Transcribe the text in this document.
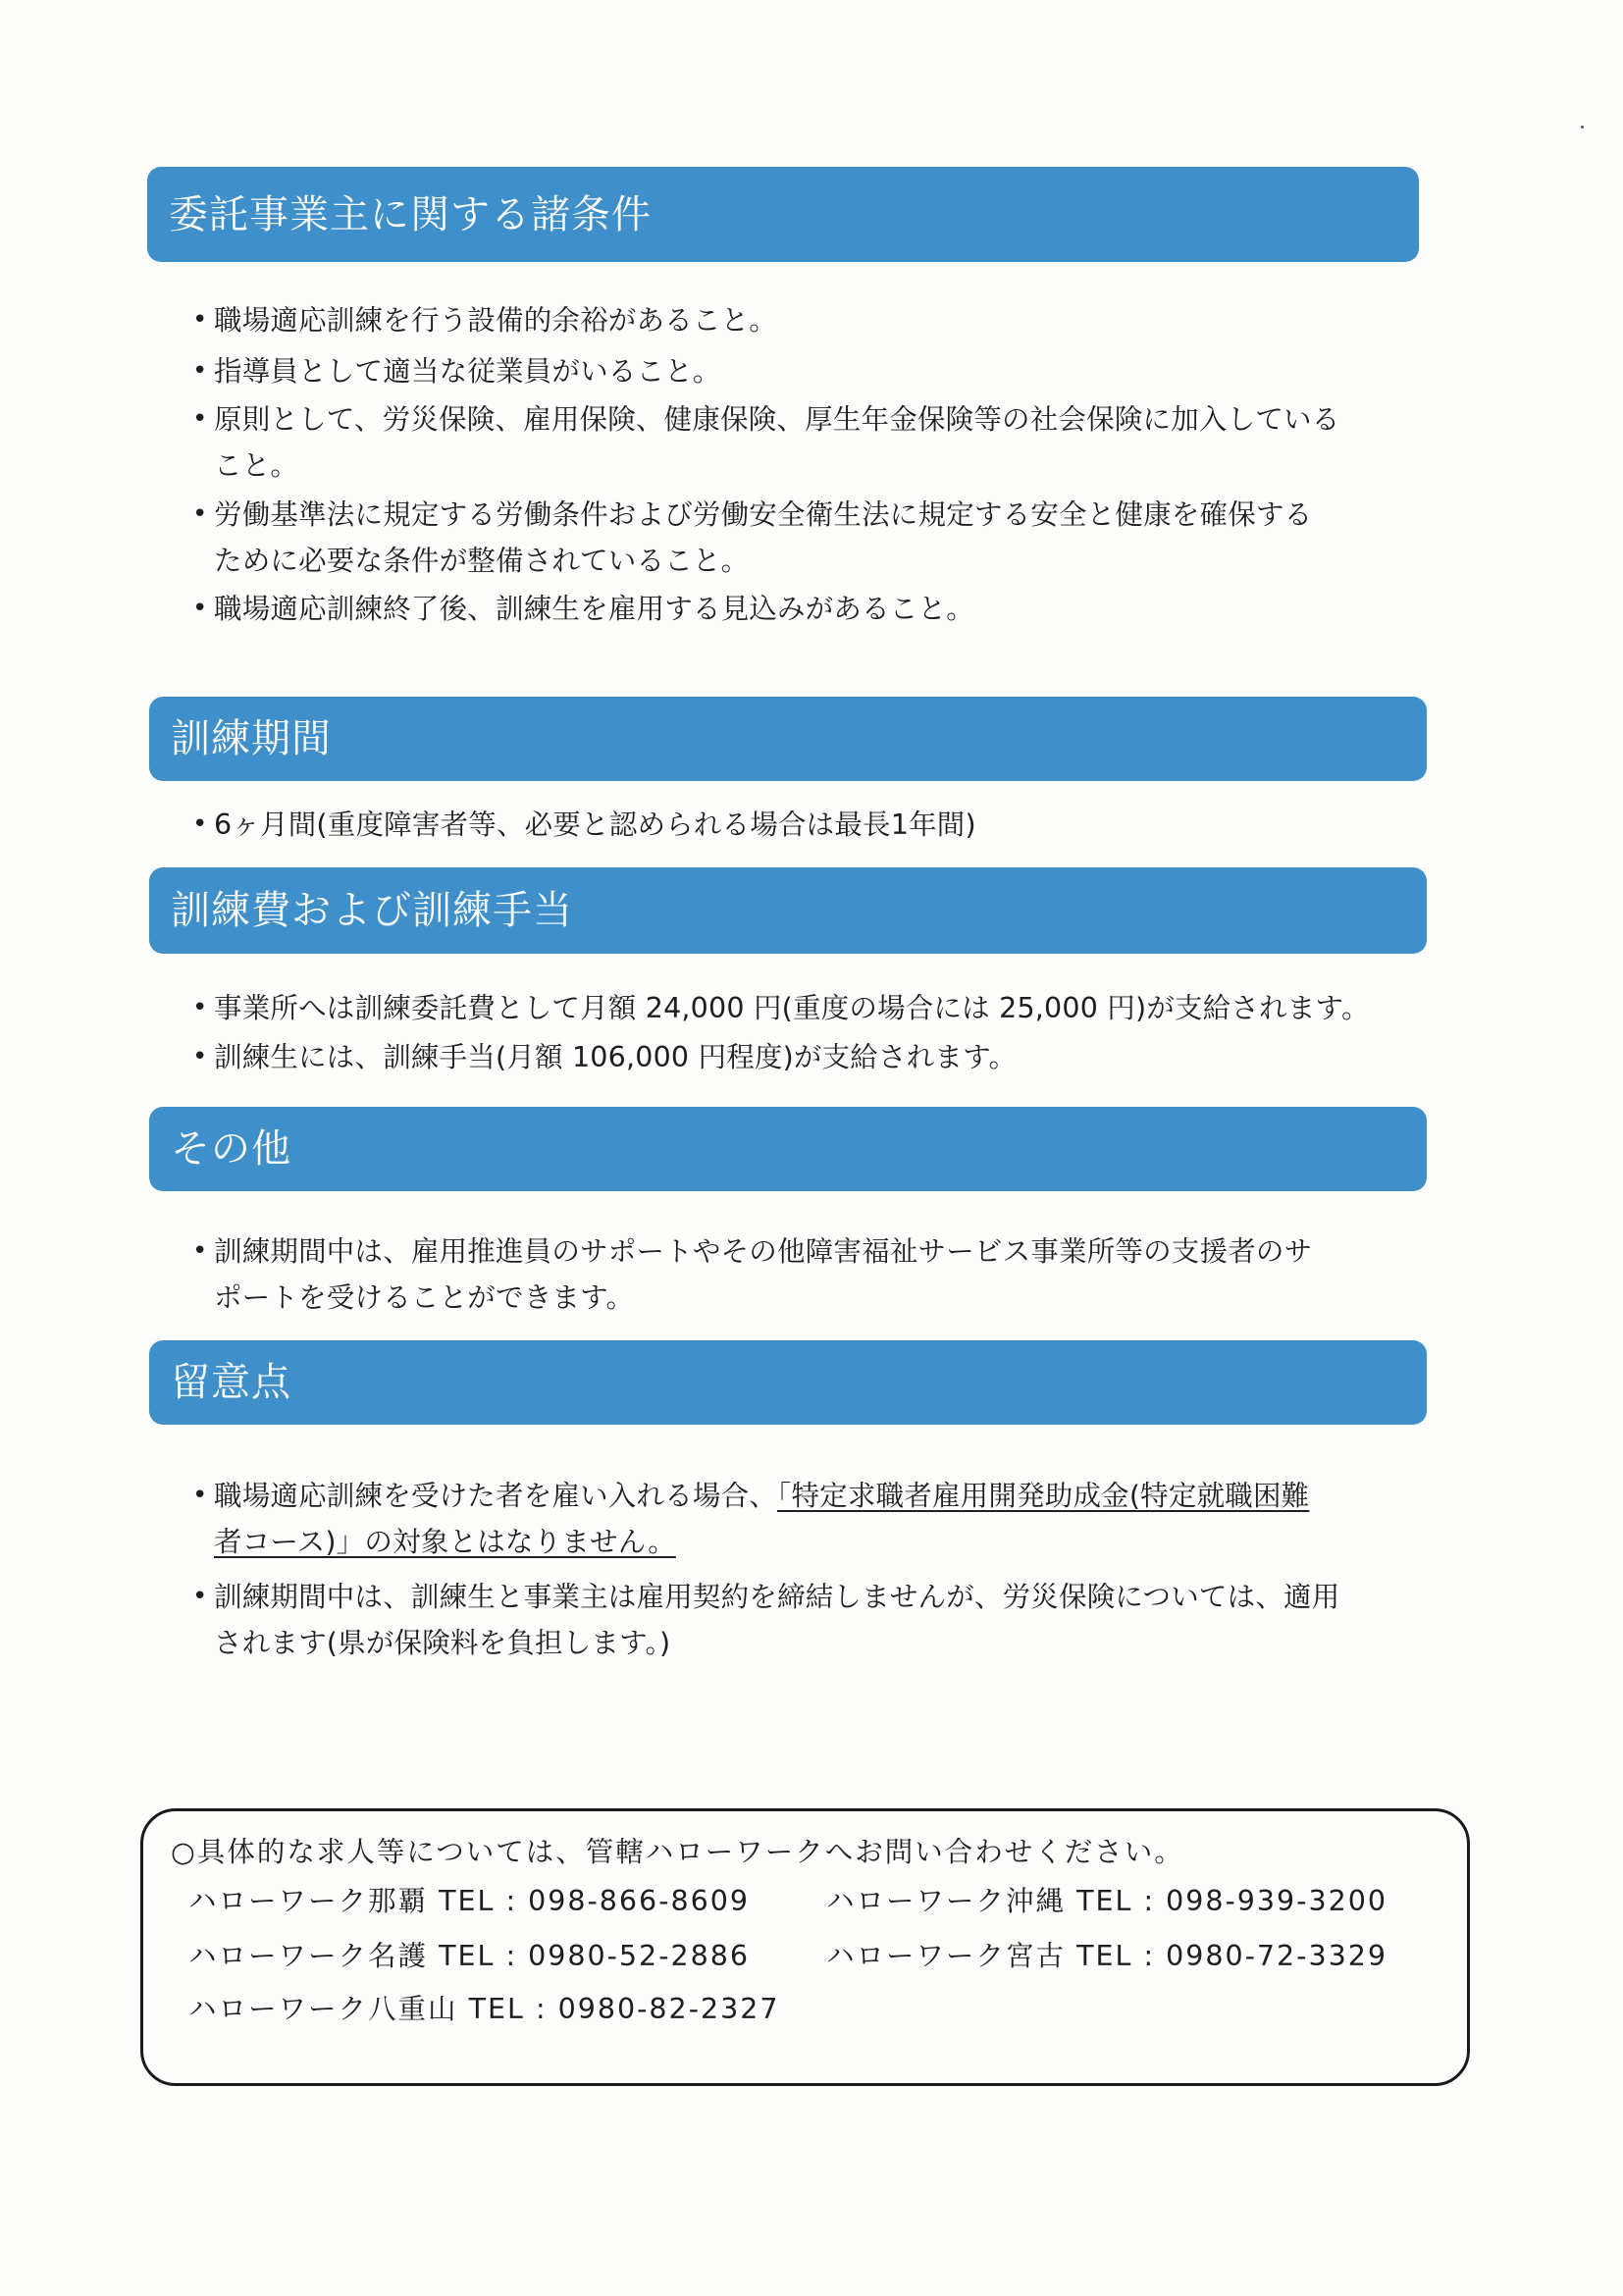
委託事業主に関する諸条件
• 職場適応訓練を行う設備的余裕があること。
• 指導員として適当な従業員がいること。
• 原則として、労災保険、雇用保険、健康保険、厚生年金保険等の社会保険に加入している
こと。
• 労働基準法に規定する労働条件および労働安全衛生法に規定する安全と健康を確保する
ために必要な条件が整備されていること。
• 職場適応訓練終了後、訓練生を雇用する見込みがあること。
訓練期間
• 6ヶ月間(重度障害者等、必要と認められる場合は最長1年間)
訓練費および訓練手当
• 事業所へは訓練委託費として月額 24,000 円(重度の場合には 25,000 円)が支給されます。
• 訓練生には、訓練手当(月額 106,000 円程度)が支給されます。
その他
• 訓練期間中は、雇用推進員のサポートやその他障害福祉サービス事業所等の支援者のサ
ポートを受けることができます。
留意点
• 職場適応訓練を受けた者を雇い入れる場合、「特定求職者雇用開発助成金(特定就職困難
者コース)」の対象とはなりません。
• 訓練期間中は、訓練生と事業主は雇用契約を締結しませんが、労災保険については、適用
されます(県が保険料を負担します。)
○具体的な求人等については、管轄ハローワークへお問い合わせください。
ハローワーク那覇 TEL : 098-866-8609	ハローワーク沖縄 TEL : 098-939-3200
ハローワーク名護 TEL : 0980-52-2886	ハローワーク宮古 TEL : 0980-72-3329
ハローワーク八重山 TEL : 0980-82-2327
